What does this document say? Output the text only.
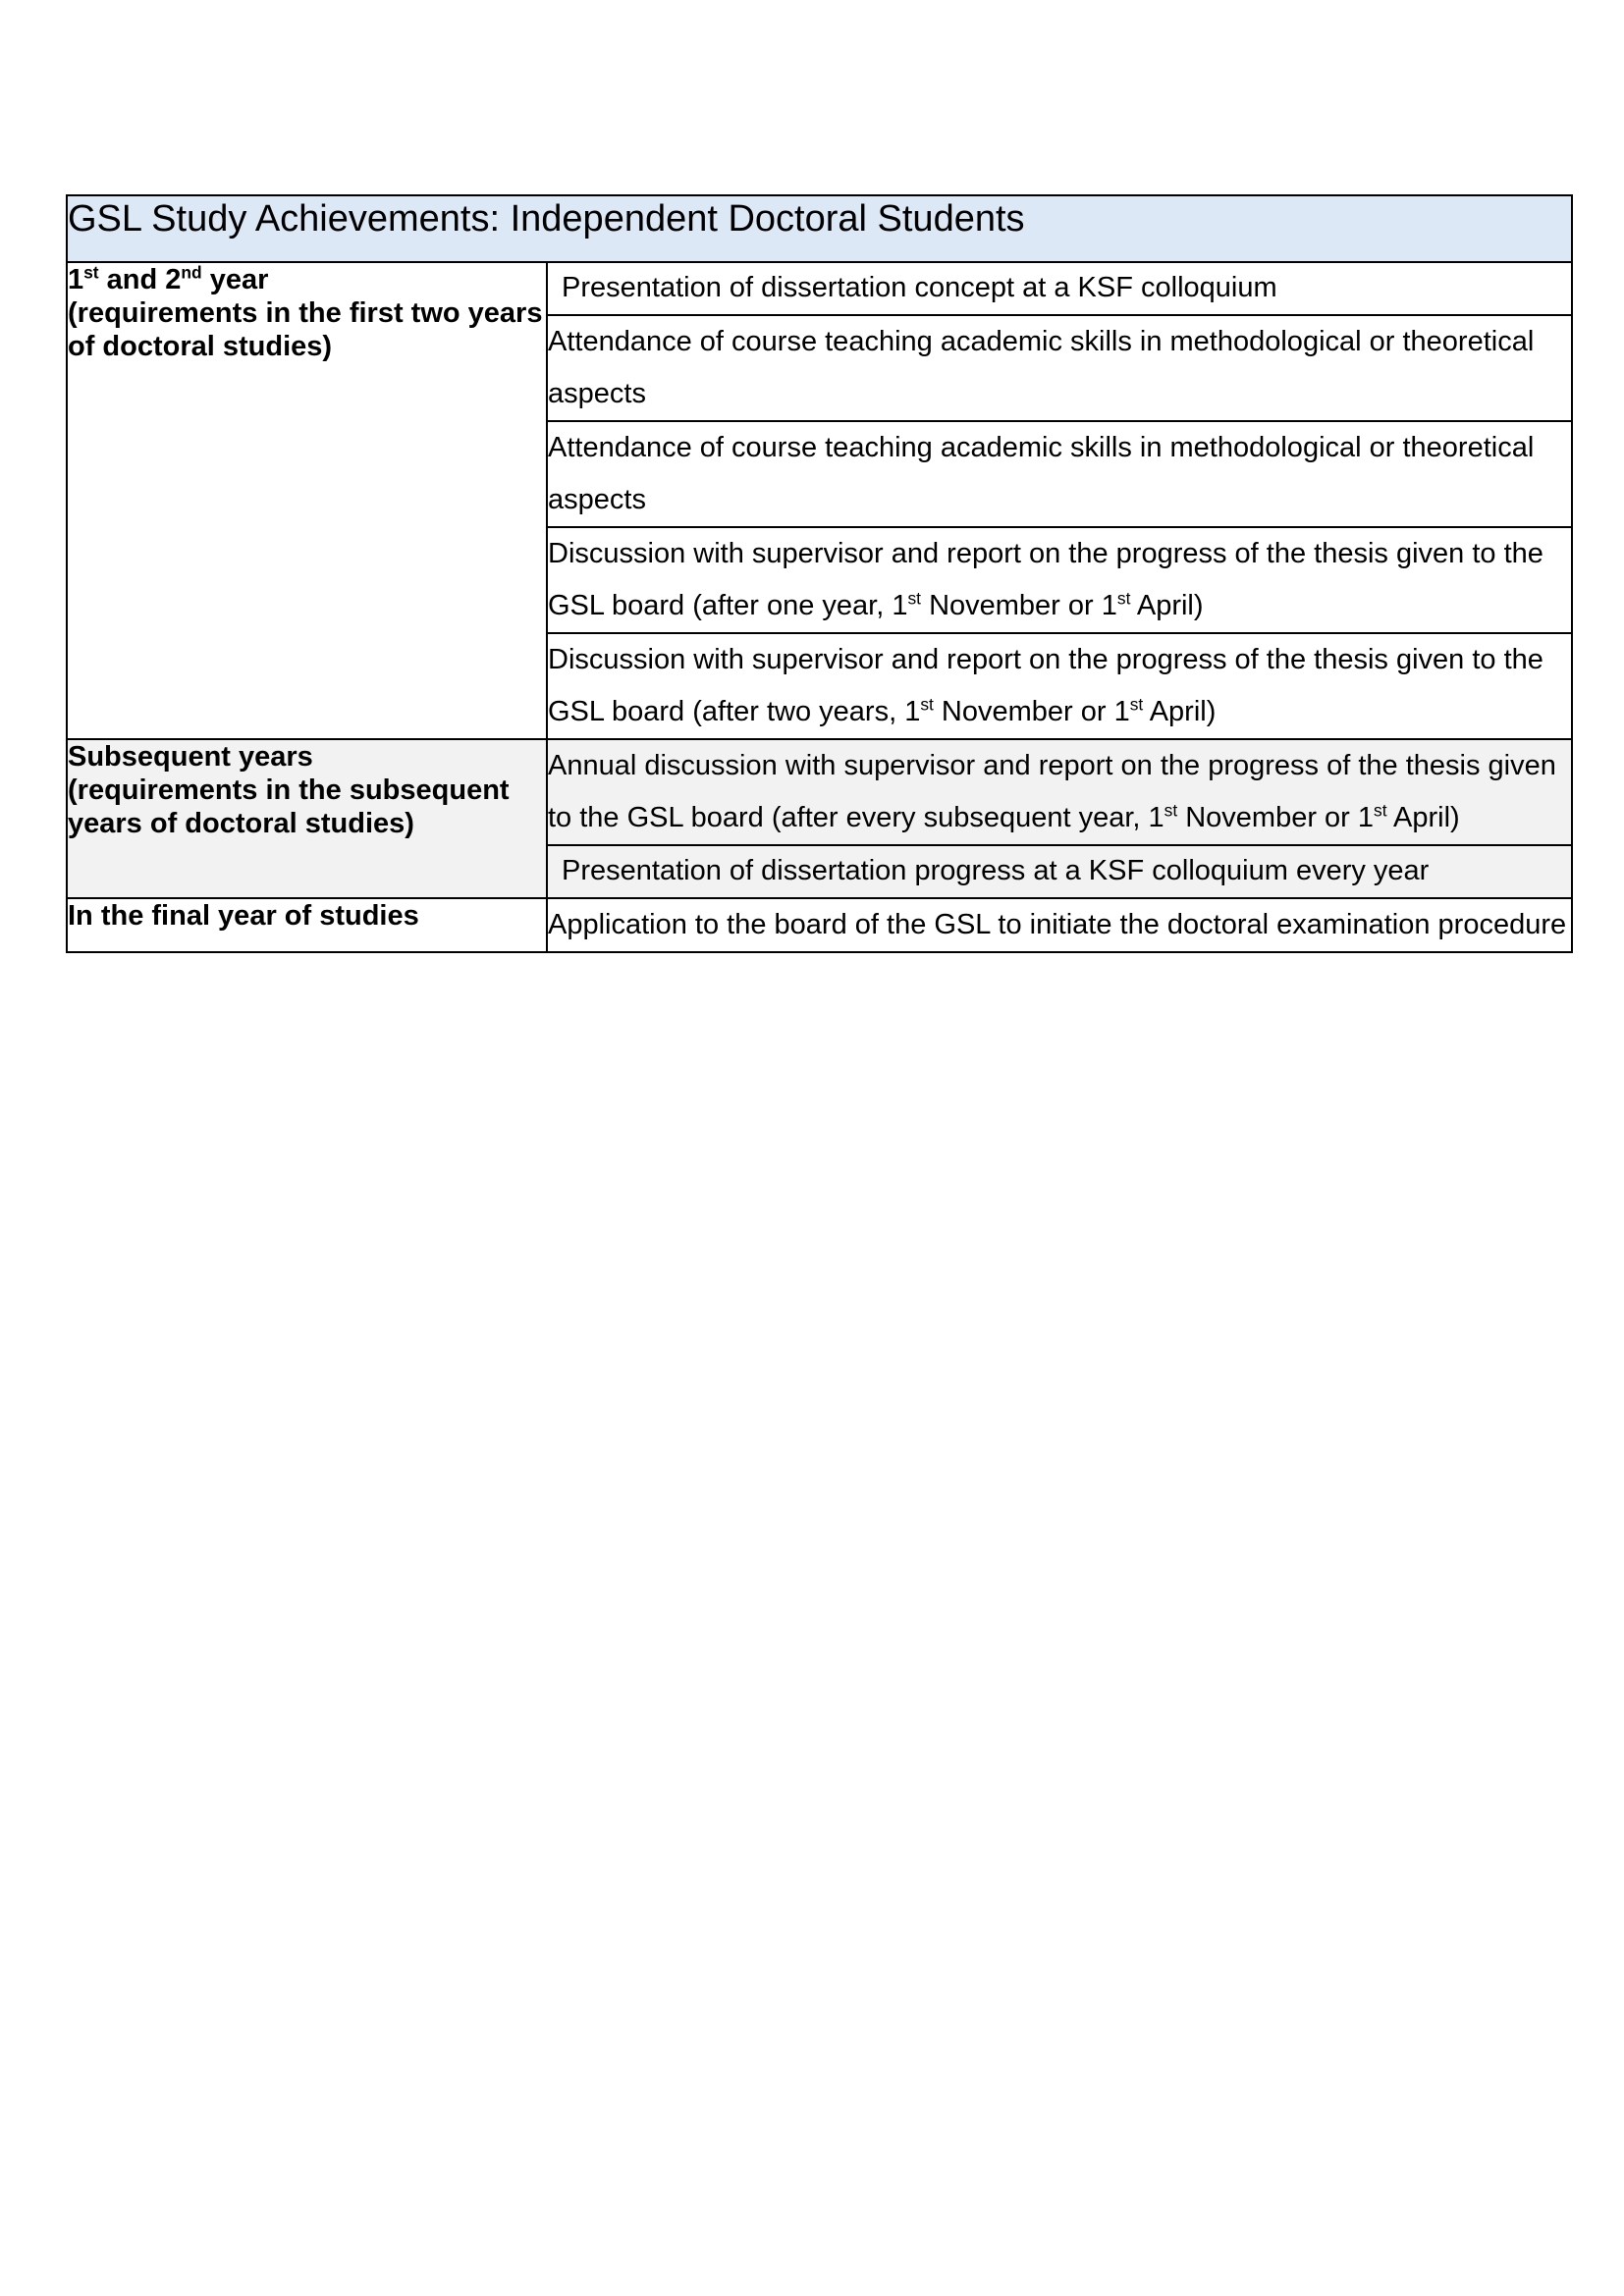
GSL Study Achievements: Independent Doctoral Students	
1st and 2nd year
(requirements in the first two years of doctoral studies)	Presentation of dissertation concept at a KSF colloquium
	Attendance of course teaching academic skills in methodological or theoretical aspects
	Attendance of course teaching academic skills in methodological or theoretical aspects
	Discussion with supervisor and report on the progress of the thesis given to the GSL board (after one year, 1st November or 1st April)
	Discussion with supervisor and report on the progress of the thesis given to the GSL board (after two years, 1st November or 1st April)
Subsequent years
(requirements in the subsequent years of doctoral studies)	Annual discussion with supervisor and report on the progress of the thesis given to the GSL board (after every subsequent year, 1st November or 1st April)
	Presentation of dissertation progress at a KSF colloquium every year
In the final year of studies	Application to the board of the GSL to initiate the doctoral examination procedure
